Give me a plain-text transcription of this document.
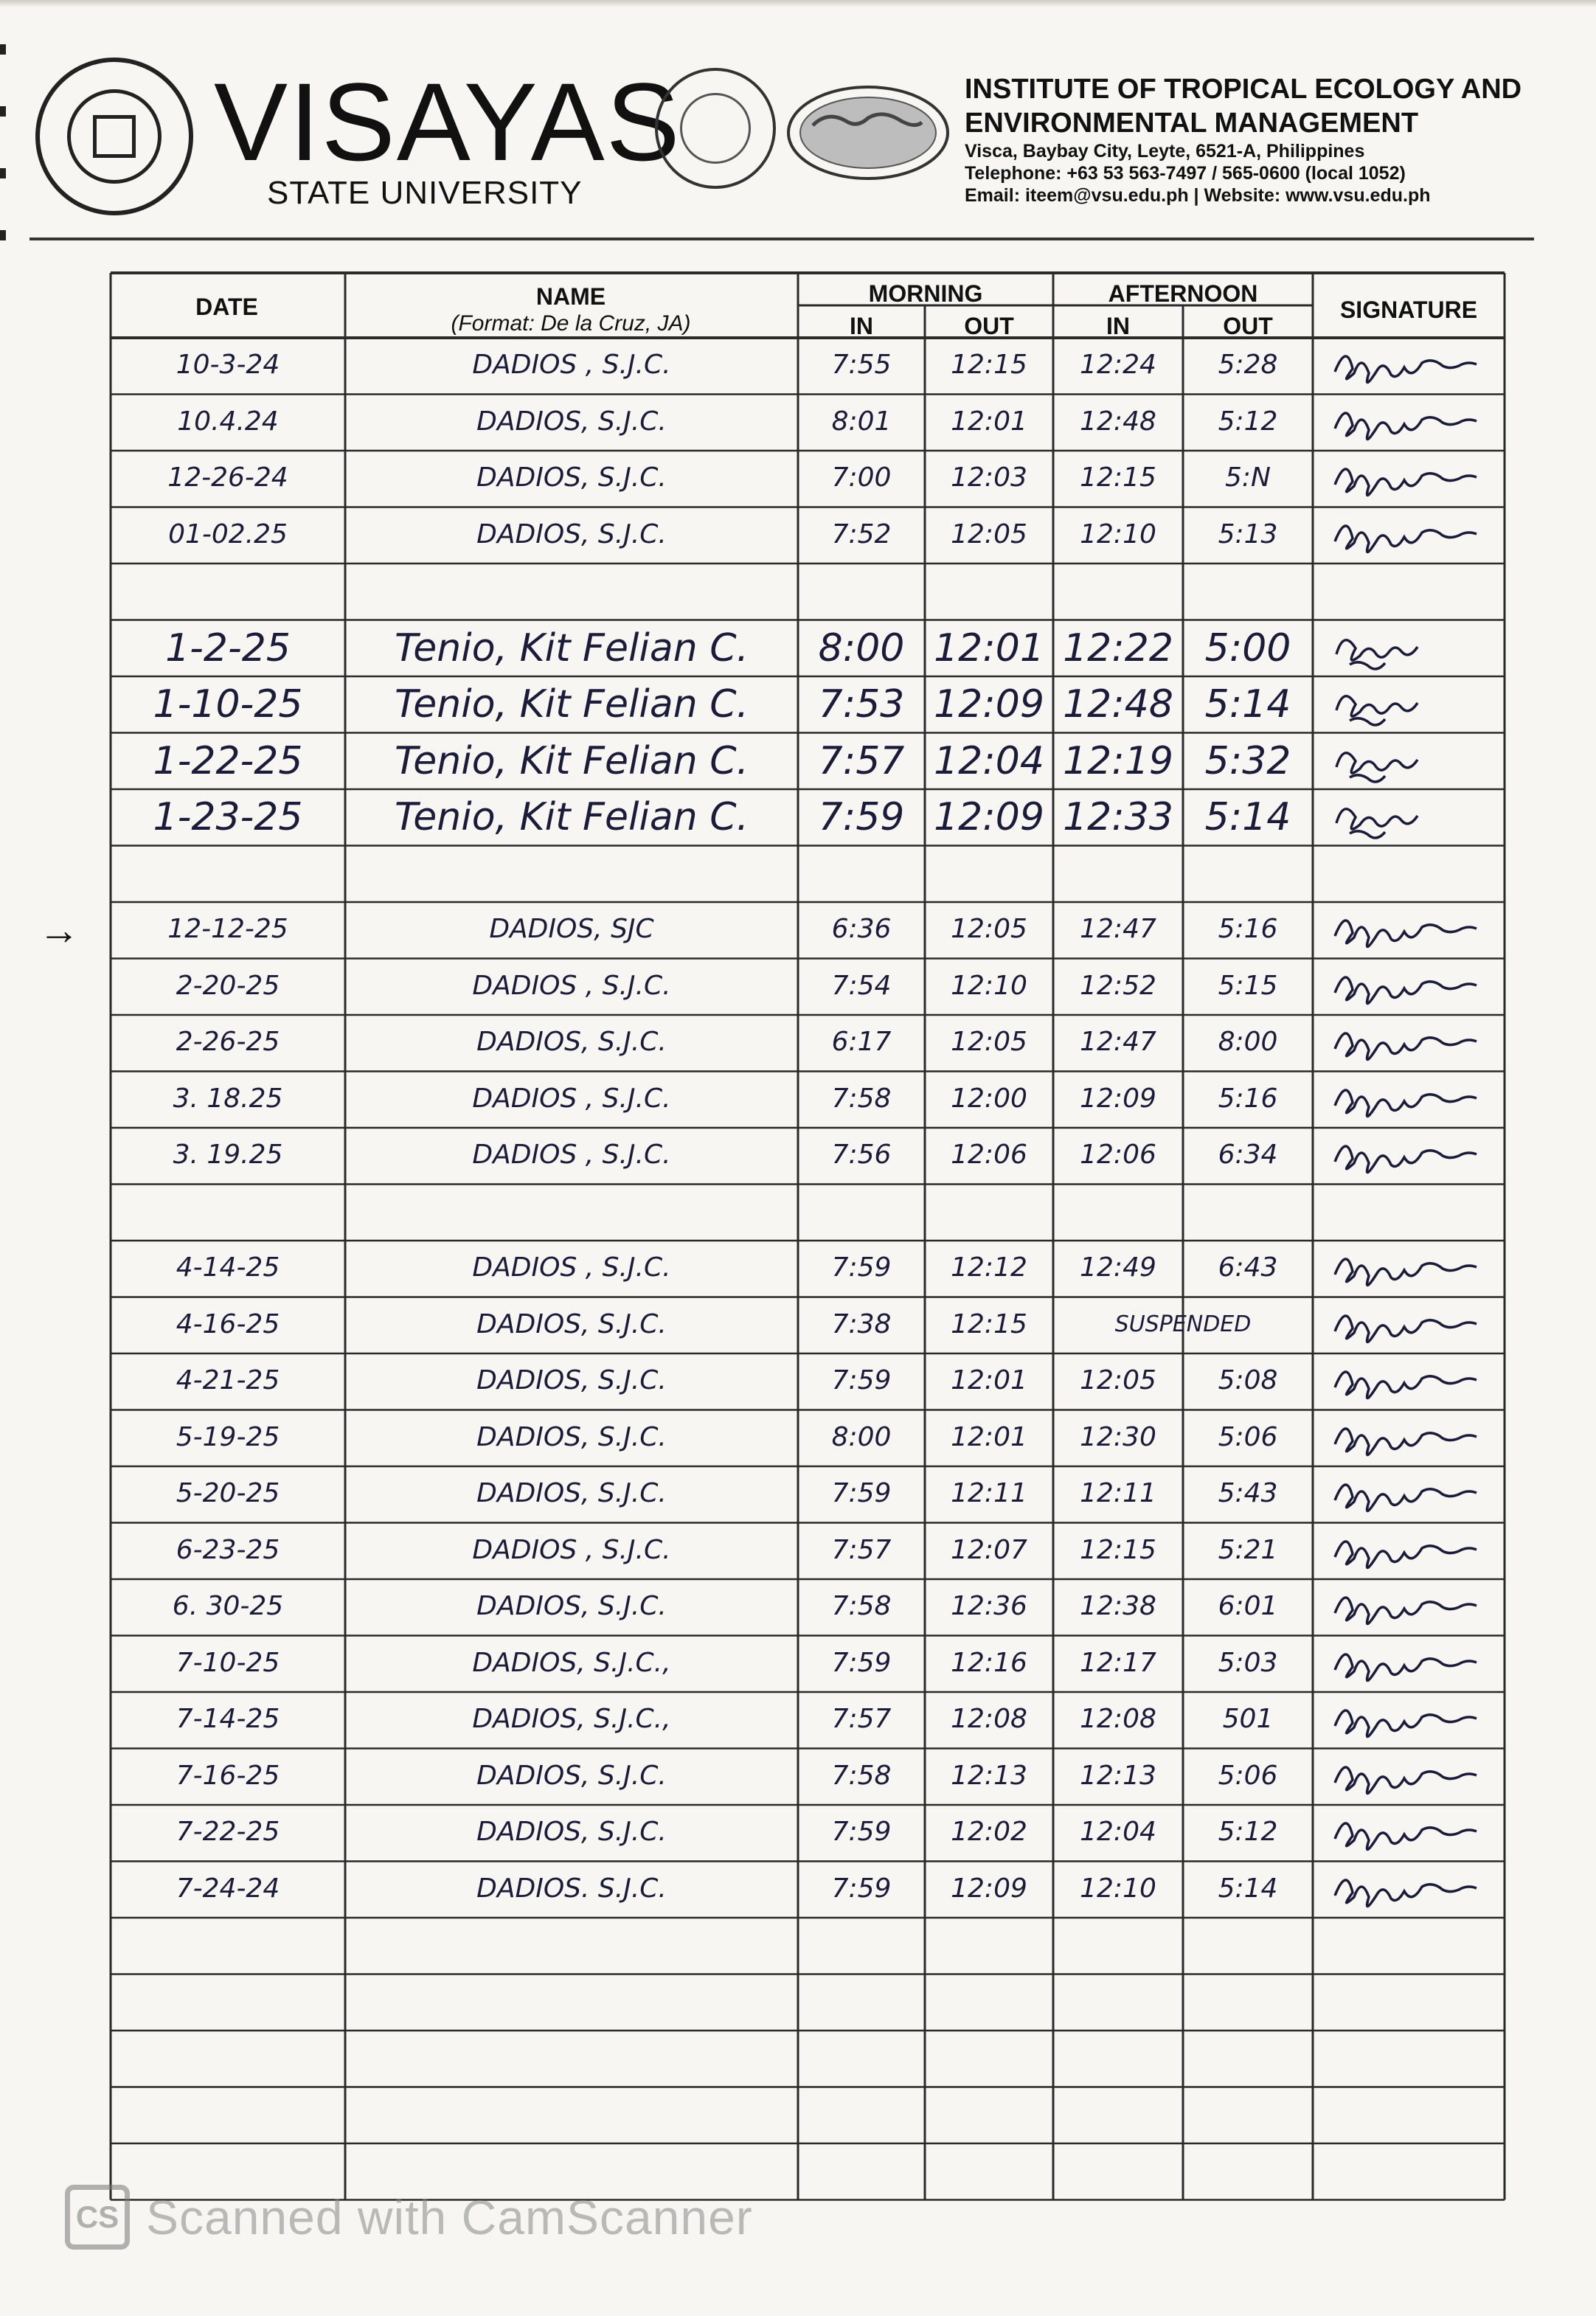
VISAYAS
STATE UNIVERSITY
INSTITUTE OF TROPICAL ECOLOGY AND
ENVIRONMENTAL MANAGEMENT
Visca, Baybay City, Leyte, 6521-A, Philippines
Telephone: +63 53 563-7497 / 565-0600 (local 1052)
Email: iteem@vsu.edu.ph | Website: www.vsu.edu.ph
DATE	NAME
(Format: De la Cruz, JA)
MORNING	AFTERNOON
IN	OUT	IN	OUT
SIGNATURE
10-3-24	DADIOS , S.J.C.	7:55	12:15	12:24	5:28
10.4.24	DADIOS, S.J.C.	8:01	12:01	12:48	5:12
12-26-24	DADIOS, S.J.C.	7:00	12:03	12:15	5:N
01-02.25	DADIOS, S.J.C.	7:52	12:05	12:10	5:13
1-2-25	Tenio, Kit Felian C.	8:00 12:01 12:22 5:00
1-10-25	Tenio, Kit Felian C.	7:53 12:09 12:48 5:14
1-22-25	Tenio, Kit Felian C.	7:57 12:04 12:19 5:32
1-23-25	Tenio, Kit Felian C.	7:59 12:09 12:33 5:14
12-12-25	DADIOS, SJC	6:36	12:05	12:47	5:16
2-20-25	DADIOS , S.J.C.	7:54	12:10	12:52	5:15
2-26-25	DADIOS, S.J.C.	6:17	12:05	12:47	8:00
3. 18.25	DADIOS , S.J.C.	7:58	12:00	12:09	5:16
3. 19.25	DADIOS , S.J.C.	7:56	12:06	12:06	6:34
4-14-25	DADIOS , S.J.C.	7:59	12:12	12:49	6:43
4-16-25	DADIOS, S.J.C.	7:38	12:15	SUSPENDED
4-21-25	DADIOS, S.J.C.	7:59	12:01	12:05	5:08
5-19-25	DADIOS, S.J.C.	8:00	12:01	12:30	5:06
5-20-25	DADIOS, S.J.C.	7:59	12:11	12:11	5:43
6-23-25	DADIOS , S.J.C.	7:57	12:07	12:15	5:21
6. 30-25	DADIOS, S.J.C.	7:58	12:36	12:38	6:01
7-10-25	DADIOS, S.J.C.,	7:59	12:16	12:17	5:03
7-14-25	DADIOS, S.J.C.,	7:57	12:08	12:08	501
7-16-25	DADIOS, S.J.C.	7:58	12:13	12:13	5:06
7-22-25	DADIOS, S.J.C.	7:59	12:02	12:04	5:12
7-24-24	DADIOS. S.J.C.	7:59	12:09	12:10	5:14
→
CS Scanned with CamScanner
